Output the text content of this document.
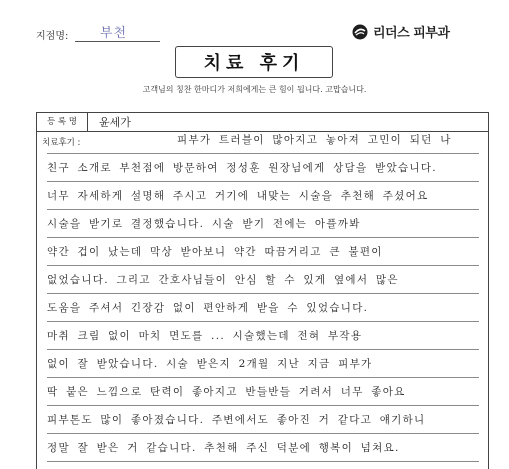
지점명: 부천	리더스 피부과
치료 후기
고객님의 칭찬 한마디가 저희에게는 큰 힘이 됩니다. 고맙습니다.
등 록 명	윤세가
치료후기 :	피부가 트러블이 많아지고 놓아져 고민이 되던 나
친구 소개로 부천점에 방문하여 정성훈 원장님에게 상담을 받았습니다.
너무 자세하게 설명해 주시고 거기에 내맞는 시술을 추천해 주셨어요
시술을 받기로 결정했습니다. 시술 받기 전에는 아플까봐
약간 겁이 났는데 막상 받아보니 약간 따끔거리고 큰 불편이
없었습니다. 그리고 간호사님들이 안심 할 수 있게 옆에서 많은
도움을 주셔서 긴장감 없이 편안하게 받을 수 있었습니다.
마취 크림 없이 마치 면도를 ... 시술했는데 전혀 부작용
없이 잘 받았습니다. 시술 받은지 2개월 지난 지금 피부가
딱 붙은 느낌으로 탄력이 좋아지고 반들반들 거려서 너무 좋아요
피부톤도 많이 좋아졌습니다. 주변에서도 좋아진 거 같다고 얘기하니
정말 잘 받은 거 같습니다. 추천해 주신 덕분에 행복이 넘쳐요.
